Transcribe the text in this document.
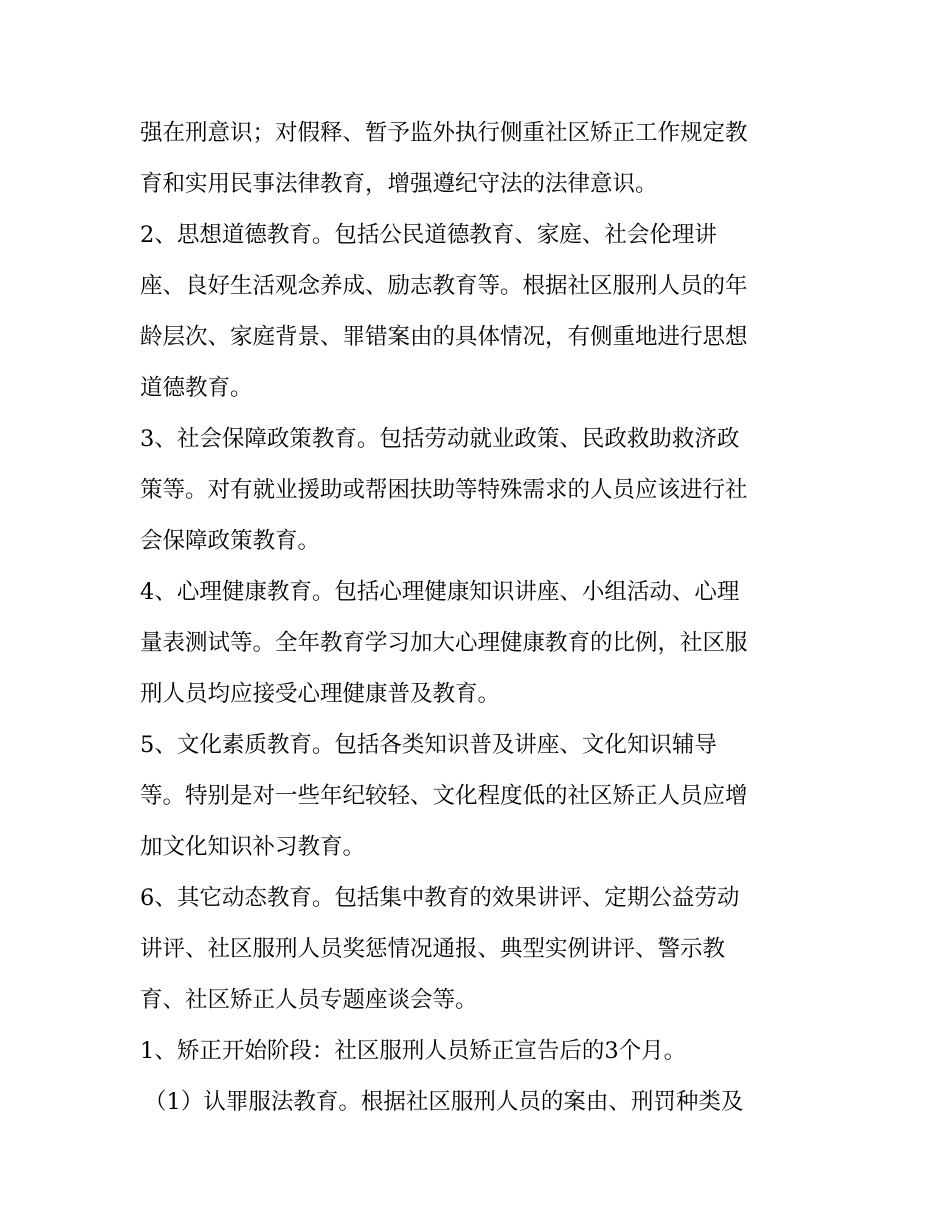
强在刑意识；对假释、暂予监外执行侧重社区矫正工作规定教
育和实用民事法律教育，增强遵纪守法的法律意识。
2、思想道德教育。包括公民道德教育、家庭、社会伦理讲
座、良好生活观念养成、励志教育等。根据社区服刑人员的年
龄层次、家庭背景、罪错案由的具体情况，有侧重地进行思想
道德教育。
3、社会保障政策教育。包括劳动就业政策、民政救助救济政
策等。对有就业援助或帮困扶助等特殊需求的人员应该进行社
会保障政策教育。
4、心理健康教育。包括心理健康知识讲座、小组活动、心理
量表测试等。全年教育学习加大心理健康教育的比例，社区服
刑人员均应接受心理健康普及教育。
5、文化素质教育。包括各类知识普及讲座、文化知识辅导
等。特别是对一些年纪较轻、文化程度低的社区矫正人员应增
加文化知识补习教育。
6、其它动态教育。包括集中教育的效果讲评、定期公益劳动
讲评、社区服刑人员奖惩情况通报、典型实例讲评、警示教
育、社区矫正人员专题座谈会等。
1、矫正开始阶段：社区服刑人员矫正宣告后的3个月。
（1）认罪服法教育。根据社区服刑人员的案由、刑罚种类及
